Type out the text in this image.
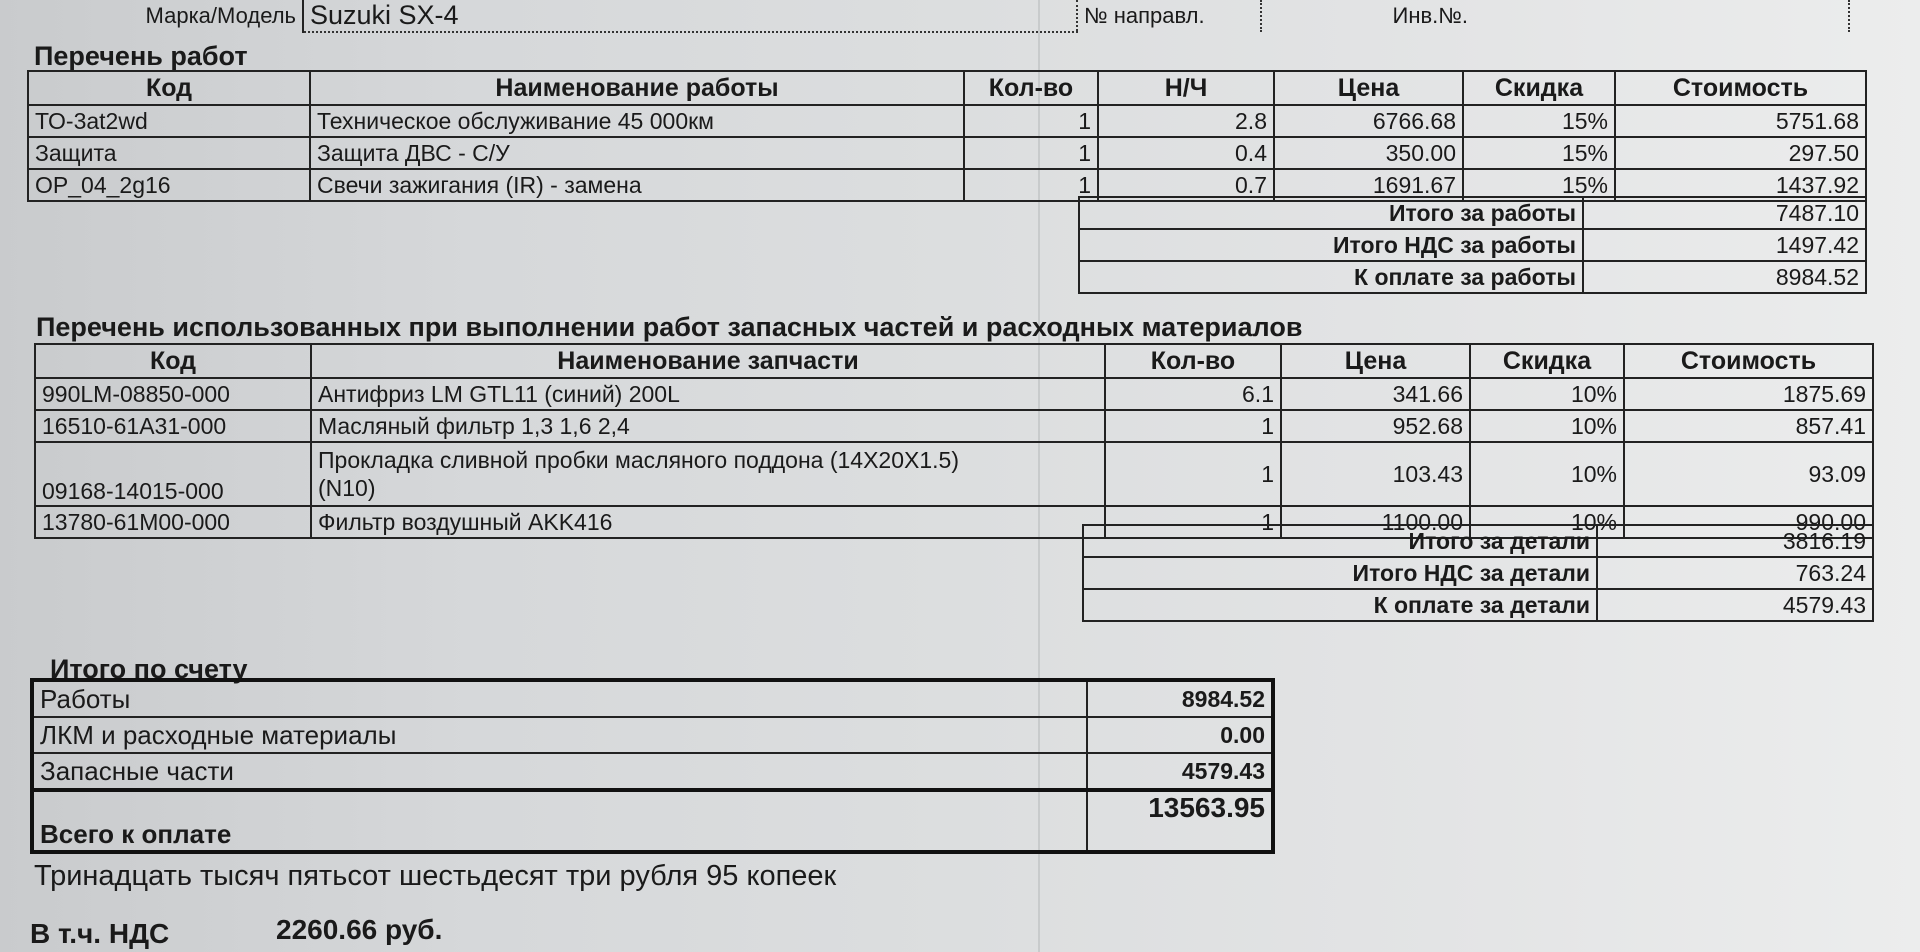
Марка/Модель	Suzuki SX-4	№ направл.	Инв.№.	
Перечень работ
Код	Наименование работы	Кол-во	Н/Ч	Цена	Скидка	Стоимость
ТО-3at2wd	Техническое обслуживание 45 000км	1	2.8	6766.68	15%	5751.68
Защита	Защита ДВС - С/У	1	0.4	350.00	15%	297.50
OP_04_2g16	Свечи зажигания (IR) - замена	1	0.7	1691.67	15%	1437.92
Итого за работы	7487.10
Итого НДС за работы	1497.42
К оплате за работы	8984.52
Перечень использованных при выполнении работ запасных частей и расходных материалов
Код	Наименование запчасти	Кол-во	Цена	Скидка	Стоимость
990LM-08850-000	Антифриз LM GTL11 (синий) 200L	6.1	341.66	10%	1875.69
16510-61A31-000	Масляный фильтр 1,3 1,6 2,4	1	952.68	10%	857.41
09168-14015-000	Прокладка сливной пробки масляного поддона (14X20X1.5)
(N10)	1	103.43	10%	93.09
13780-61M00-000	Фильтр воздушный AKK416	1	1100.00	10%	990.00
Итого за детали	3816.19
Итого НДС за детали	763.24
К оплате за детали	4579.43
Итого по счету
Работы	8984.52
ЛКМ и расходные материалы	0.00
Запасные части	4579.43
Всего к оплате	13563.95
Тринадцать тысяч пятьсот шестьдесят три рубля 95 копеек
В т.ч. НДС	2260.66 руб.
